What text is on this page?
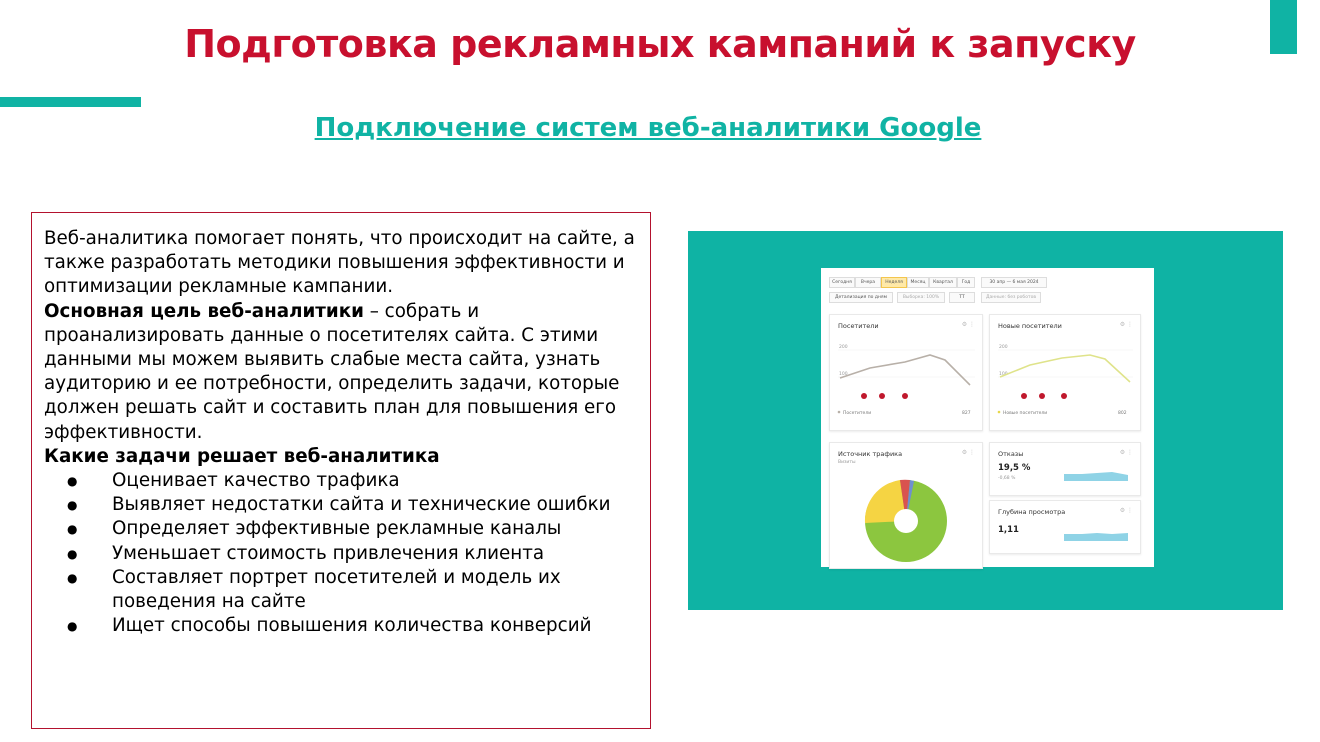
Подготовка рекламных кампаний к запуску
Подключение систем веб-аналитики Google

Веб-аналитика помогает понять, что происходит на сайте, а также разработать методики повышения эффективности и оптимизации рекламные кампании.
Основная цель веб-аналитики – собрать и проанализировать данные о посетителях сайта. С этими данными мы можем выявить слабые места сайта, узнать аудиторию и ее потребности, определить задачи, которые должен решать сайт и составить план для повышения его эффективности.

Какие задачи решает веб-аналитика

● Оценивает качество трафика
● Выявляет недостатки сайта и технические ошибки
● Определяет эффективные рекламные каналы
● Уменьшает стоимость привлечения клиента
● Составляет портрет посетителей и модель их поведения на сайте
● Ищет способы повышения количества конверсий
Сегодня	Вчера	Неделя	Месяц	Квартал	Год	30 апр — 6 мая 2024
Детализация по дням	Выборка: 100%	ТТ	Данные: без роботов
Посетители	⚙ ⋮
200
100
Посетители	827
Новые посетители	⚙ ⋮
200
100
Новые посетители	802
Источник трафика
Визиты
⚙ ⋮	Отказы	⚙ ⋮
19,5 %
-0,68 %
Глубина просмотра	⚙ ⋮
1,11
